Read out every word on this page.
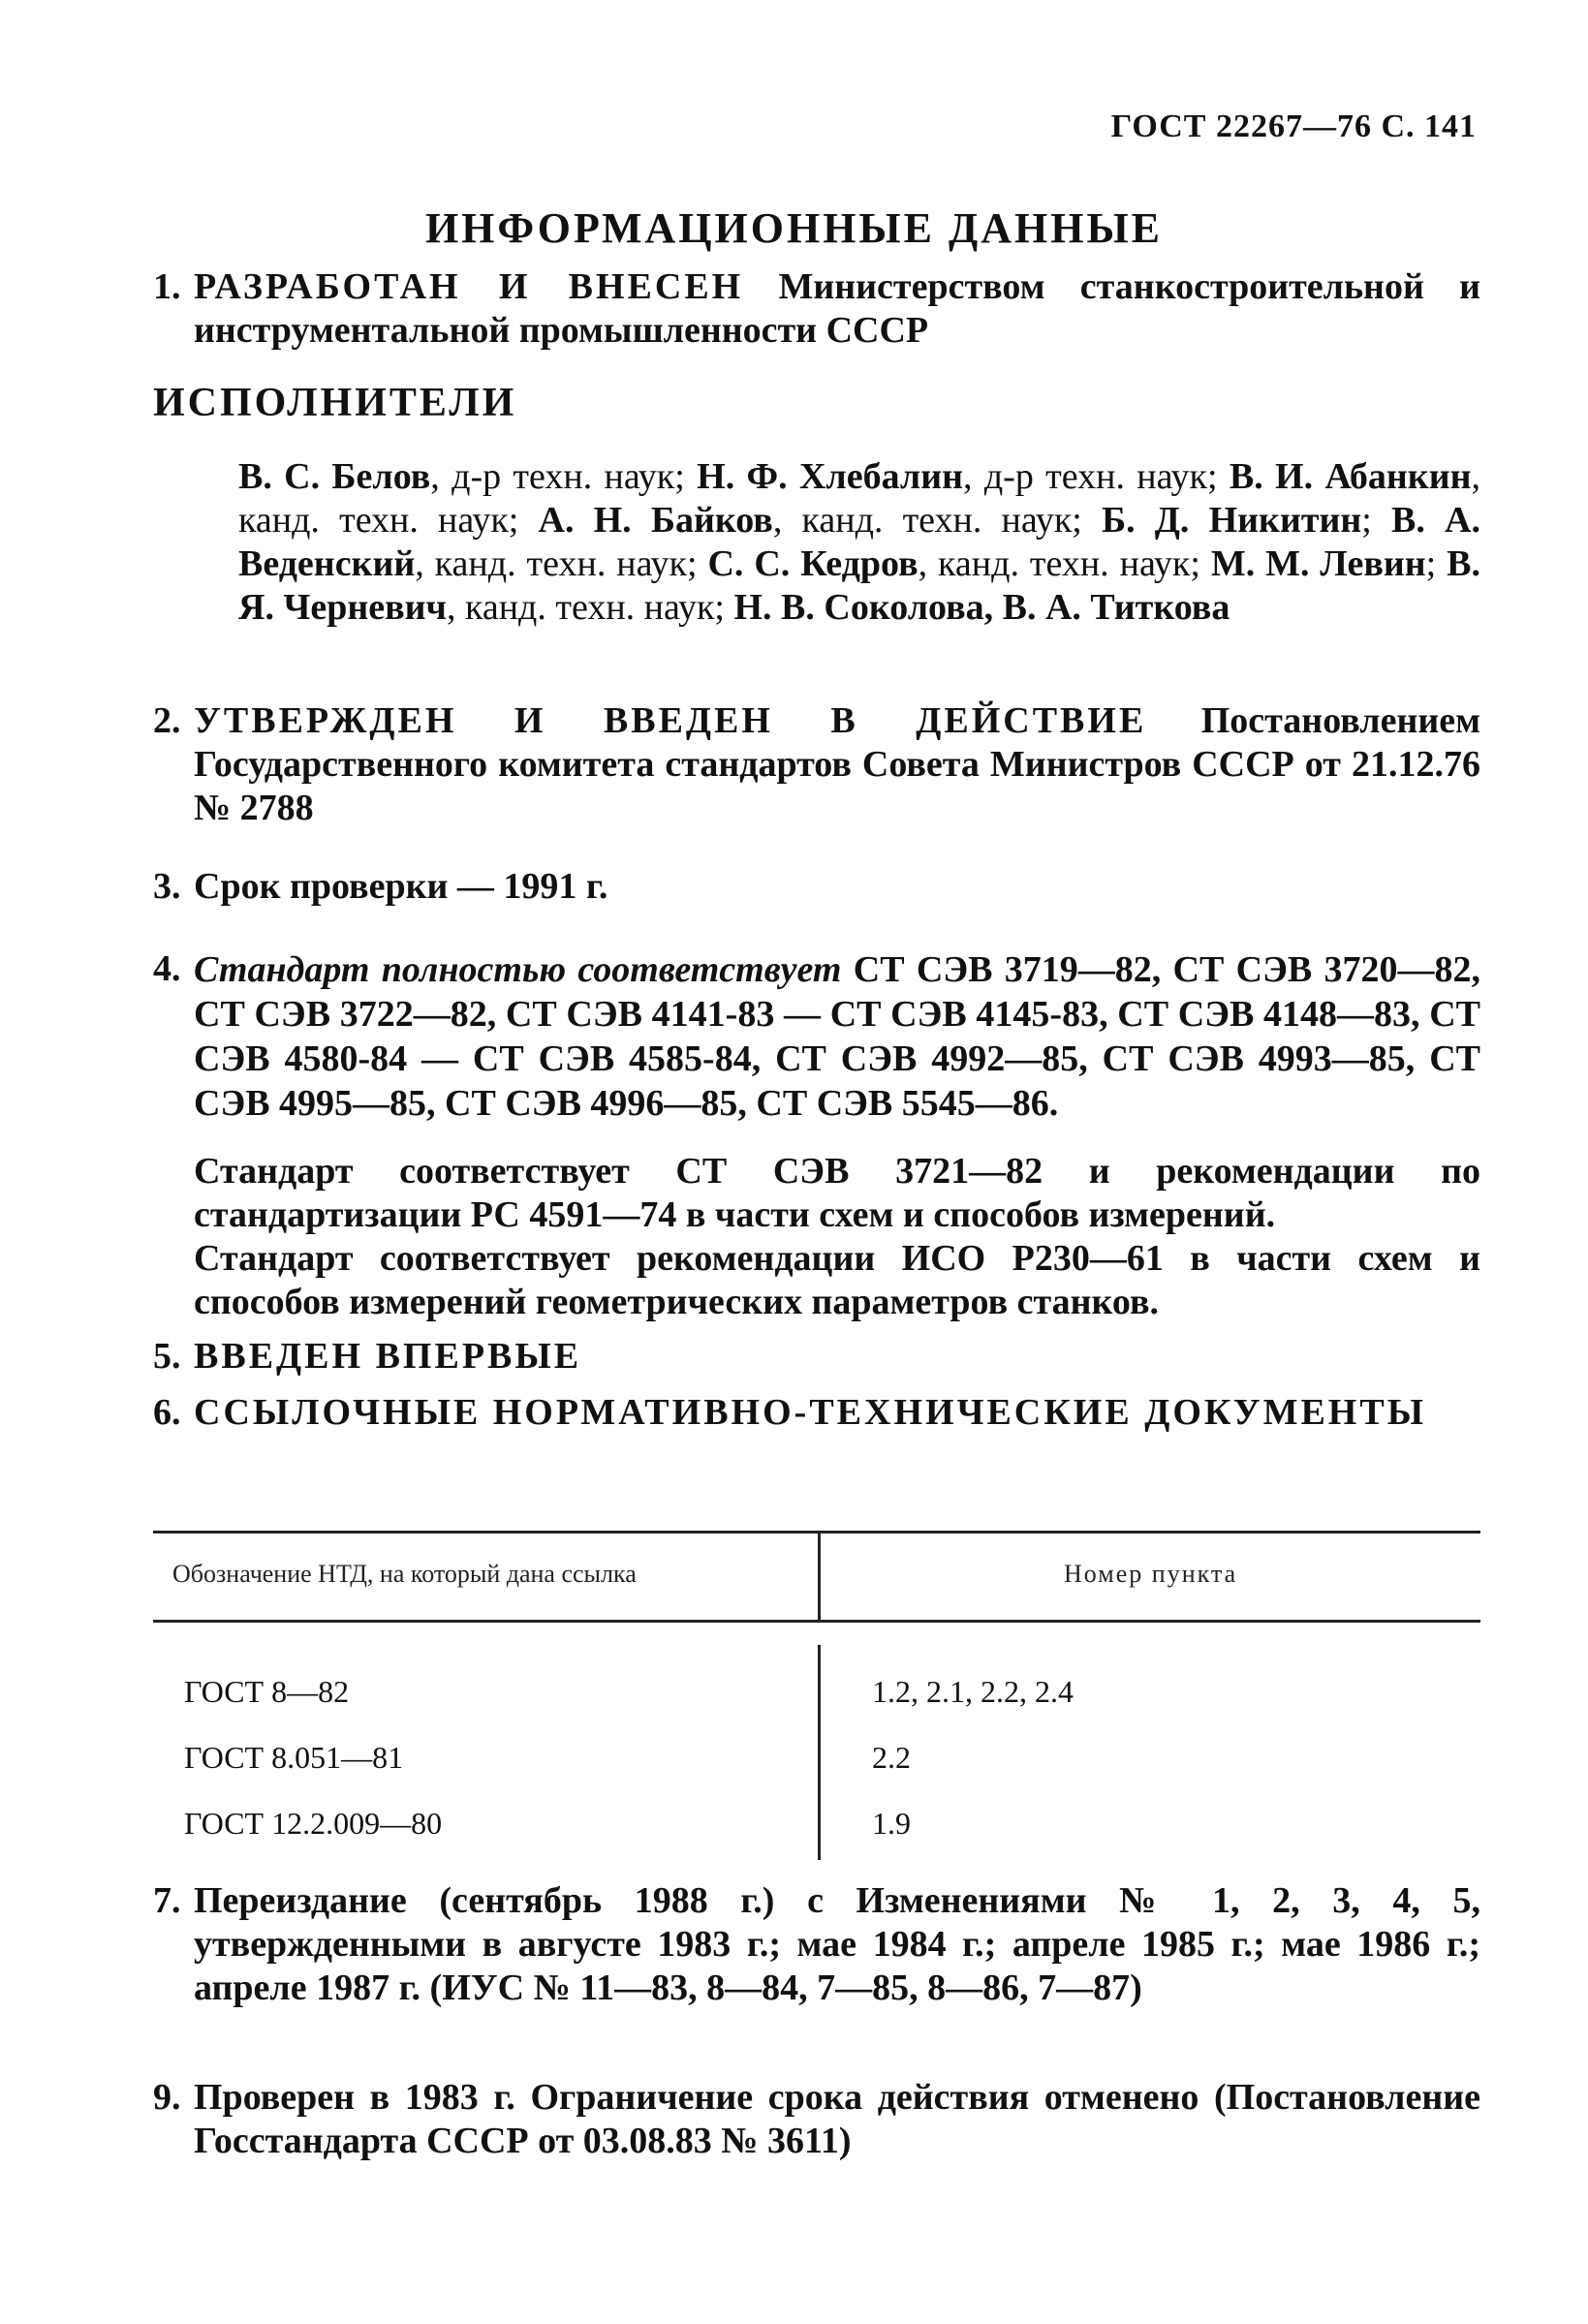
ГОСТ 22267—76 С. 141
ИНФОРМАЦИОННЫЕ ДАННЫЕ
1. РАЗРАБОТАН И ВНЕСЕН Министерством станкостроительной и инструментальной промышленности СССР
ИСПОЛНИТЕЛИ
В. С. Белов, д-р техн. наук; Н. Ф. Хлебалин, д-р техн. наук; В. И. Абанкин, канд. техн. наук; А. Н. Байков, канд. техн. наук; Б. Д. Никитин; В. А. Веденский, канд. техн. наук; С. С. Кедров, канд. техн. наук; М. М. Левин; В. Я. Черневич, канд. техн. наук; Н. В. Соколова, В. А. Титкова
2. УТВЕРЖДЕН И ВВЕДЕН В ДЕЙСТВИЕ Постановлением Государственного комитета стандартов Совета Министров СССР от 21.12.76 № 2788
3. Срок проверки — 1991 г.
4. Стандарт полностью соответствует СТ СЭВ 3719—82, СТ СЭВ 3720—82, СТ СЭВ 3722—82, СТ СЭВ 4141-83 — СТ СЭВ 4145-83, СТ СЭВ 4148—83, СТ СЭВ 4580-84 — СТ СЭВ 4585-84, СТ СЭВ 4992—85, СТ СЭВ 4993—85, СТ СЭВ 4995—85, СТ СЭВ 4996—85, СТ СЭВ 5545—86.
Стандарт соответствует СТ СЭВ 3721—82 и рекомендации по стандартизации РС 4591—74 в части схем и способов измерений.
Стандарт соответствует рекомендации ИСО Р230—61 в части схем и способов измерений геометрических параметров станков.
5. ВВЕДЕН ВПЕРВЫЕ
6. ССЫЛОЧНЫЕ НОРМАТИВНО-ТЕХНИЧЕСКИЕ ДОКУМЕНТЫ
Обозначение НТД, на который дана ссылка	Номер пункта
ГОСТ 8—82	1.2, 2.1, 2.2, 2.4
ГОСТ 8.051—81	2.2
ГОСТ 12.2.009—80	1.9
7. Переиздание (сентябрь 1988 г.) с Изменениями № 1, 2, 3, 4, 5, утвержденными в августе 1983 г.; мае 1984 г.; апреле 1985 г.; мае 1986 г.; апреле 1987 г. (ИУС № 11—83, 8—84, 7—85, 8—86, 7—87)
9. Проверен в 1983 г. Ограничение срока действия отменено (Постановление Госстандарта СССР от 03.08.83 № 3611)
